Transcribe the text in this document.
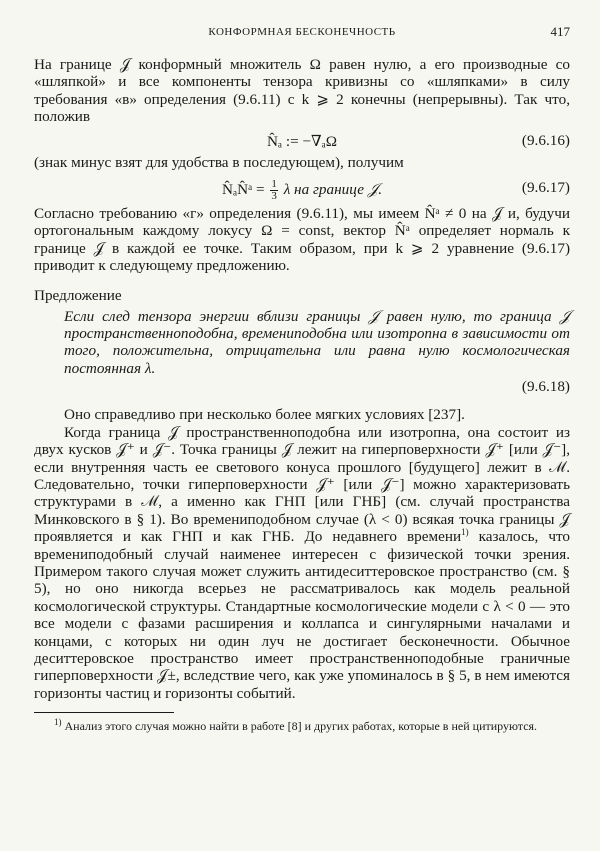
КОНФОРМНАЯ БЕСКОНЕЧНОСТЬ	417

На границе 𝒥 конформный множитель Ω равен нулю, а его производные со «шляпкой» и все компоненты тензора кривизны со «шляпками» в силу требования «в» определения (9.6.11) с k ⩾ 2 конечны (непрерывны). Так что, положив

N̂ₐ := −∇ₐΩ	(9.6.16)

(знак минус взят для удобства в последующем), получим

N̂ₐN̂ᵃ = $\frac{1}{3}$ λ на границе 𝒥.	(9.6.17)

Согласно требованию «г» определения (9.6.11), мы имеем N̂ᵃ ≠ 0 на 𝒥 и, будучи ортогональным каждому локусу Ω = const, вектор N̂ᵃ определяет нормаль к границе 𝒥 в каждой ее точке. Таким образом, при k ⩾ 2 уравнение (9.6.17) приводит к следующему предложению.

Предложение

Если след тензора энергии вблизи границы 𝒥 равен нулю, то граница 𝒥 пространственноподобна, времениподобна или изотропна в зависимости от того, положительна, отрицательна или равна нулю космологическая постоянная λ.

(9.6.18)

Оно справедливо при несколько более мягких условиях [237].

Когда граница 𝒥 пространственноподобна или изотропна, она состоит из двух кусков 𝒥⁺ и 𝒥⁻. Точка границы 𝒥 лежит на гиперповерхности 𝒥⁺ [или 𝒥⁻], если внутренняя часть ее светового конуса прошлого [будущего] лежит в ℳ. Следовательно, точки гиперповерхности 𝒥⁺ [или 𝒥⁻] можно характеризовать структурами в ℳ, а именно как ГНП [или ГНБ] (см. случай пространства Минковского в § 1). Во времениподобном случае (λ < 0) всякая точка границы 𝒥 проявляется и как ГНП и как ГНБ. До недавнего времени$^{1)}$ казалось, что времениподобный случай наименее интересен с физической точки зрения. Примером такого случая может служить антидеситтеровское пространство (см. § 5), но оно никогда всерьез не рассматривалось как модель реальной космологической структуры. Стандартные космологические модели с λ < 0 — это все модели с фазами расширения и коллапса и сингулярными началами и концами, с которых ни один луч не достигает бесконечности. Обычное деситтеровское пространство имеет пространственноподобные граничные гиперповерхности 𝒥±, вследствие чего, как уже упоминалось в § 5, в нем имеются горизонты частиц и горизонты событий.

$^{1)}$ Анализ этого случая можно найти в работе [8] и других работах, которые в ней цитируются.
